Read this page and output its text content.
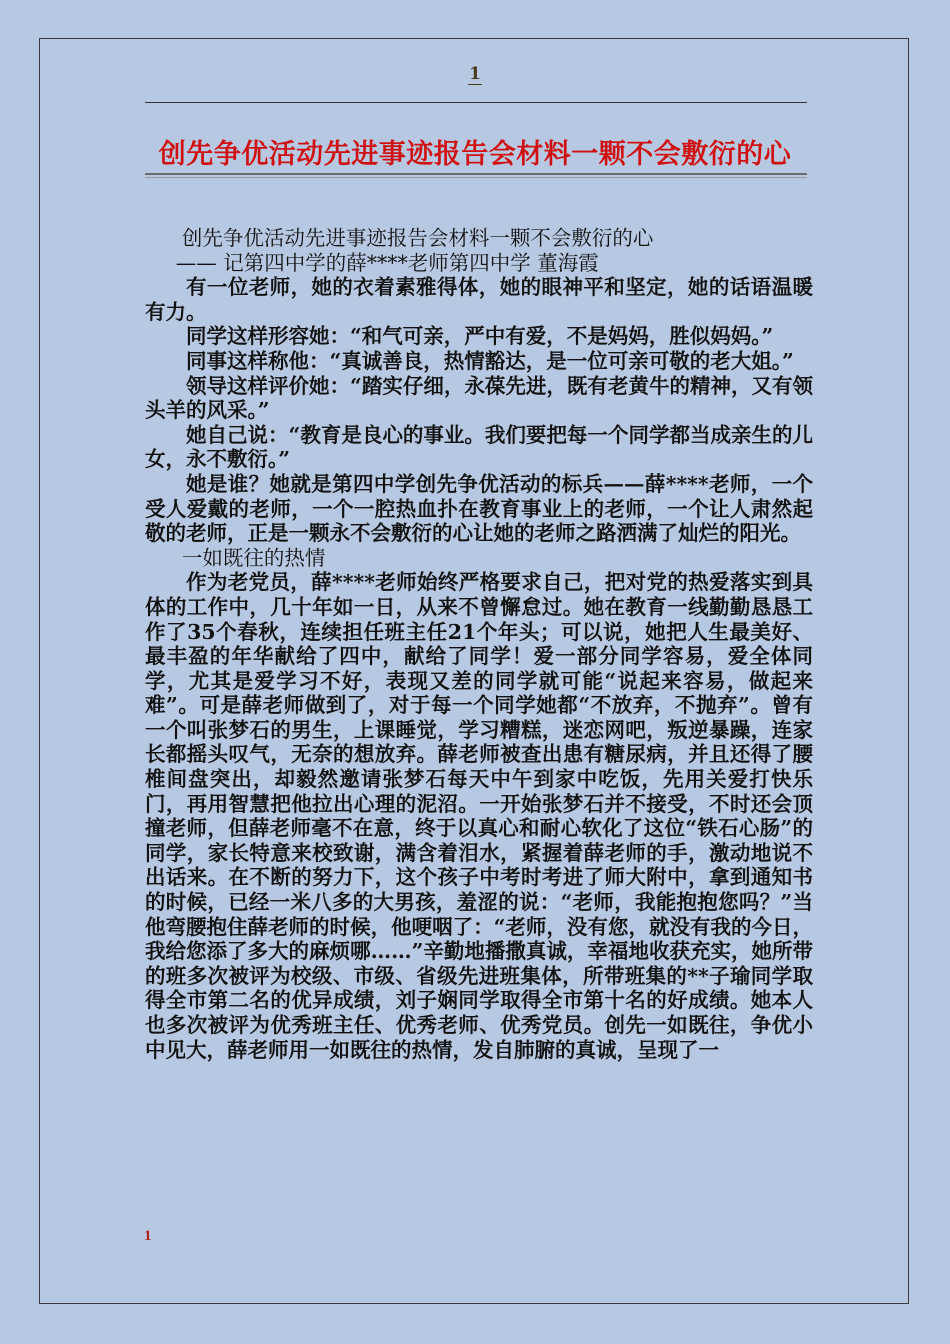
1
创先争优活动先进事迹报告会材料一颗不会敷衍的心

创先争优活动先进事迹报告会材料一颗不会敷衍的心

—— 记第四中学的薛****老师第四中学 董海霞

有一位老师，她的衣着素雅得体，她的眼神平和坚定，她的话语温暖有力。

同学这样形容她：“和气可亲，严中有爱，不是妈妈，胜似妈妈。”

同事这样称他：“真诚善良，热情豁达，是一位可亲可敬的老大姐。”

领导这样评价她：“踏实仔细，永葆先进，既有老黄牛的精神，又有领头羊的风采。”

她自己说：“教育是良心的事业。我们要把每一个同学都当成亲生的儿女，永不敷衍。”

她是谁？她就是第四中学创先争优活动的标兵——薛****老师，一个受人爱戴的老师，一个一腔热血扑在教育事业上的老师，一个让人肃然起敬的老师，正是一颗永不会敷衍的心让她的老师之路洒满了灿烂的阳光。

一如既往的热情

作为老党员，薛****老师始终严格要求自己，把对党的热爱落实到具体的工作中，几十年如一日，从来不曾懈怠过。她在教育一线勤勤恳恳工作了35个春秋，连续担任班主任21个年头；可以说，她把人生最美好、最丰盈的年华献给了四中，献给了同学！爱一部分同学容易，爱全体同学，尤其是爱学习不好，表现又差的同学就可能“说起来容易，做起来难”。可是薛老师做到了，对于每一个同学她都“不放弃，不抛弃”。曾有一个叫张梦石的男生，上课睡觉，学习糟糕，迷恋网吧，叛逆暴躁，连家长都摇头叹气，无奈的想放弃。薛老师被查出患有糖尿病，并且还得了腰椎间盘突出，却毅然邀请张梦石每天中午到家中吃饭，先用关爱打快乐门，再用智慧把他拉出心理的泥沼。一开始张梦石并不接受，不时还会顶撞老师，但薛老师毫不在意，终于以真心和耐心软化了这位“铁石心肠”的同学，家长特意来校致谢，满含着泪水，紧握着薛老师的手，激动地说不出话来。在不断的努力下，这个孩子中考时考进了师大附中，拿到通知书的时候，已经一米八多的大男孩，羞涩的说：“老师，我能抱抱您吗？”当他弯腰抱住薛老师的时候，他哽咽了：“老师，没有您，就没有我的今日，我给您添了多大的麻烦哪……”辛勤地播撒真诚，幸福地收获充实，她所带的班多次被评为校级、市级、省级先进班集体，所带班集的**子瑜同学取得全市第二名的优异成绩，刘子娴同学取得全市第十名的好成绩。她本人也多次被评为优秀班主任、优秀老师、优秀党员。创先一如既往，争优小中见大，薛老师用一如既往的热情，发自肺腑的真诚，呈现了一

1
